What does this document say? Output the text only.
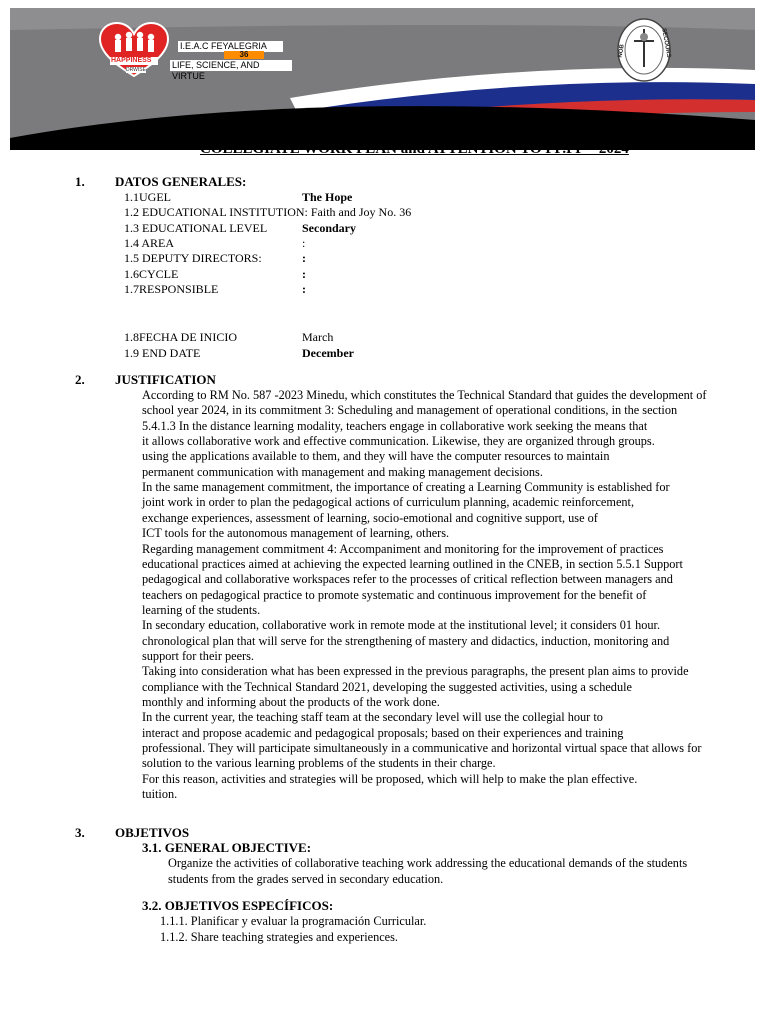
HAPPINESS
DRWISE
I.E.A.C FEYALEGRIA
36
LIFE, SCIENCE, AND VIRTUE
SECOURS
NOB
COLLEGIATE WORK PLAN and ATTENTION TO PP.FF – 2024
1. DATOS GENERALES:
1.1UGEL	The Hope
1.2 EDUCATIONAL INSTITUTION: Faith and Joy No. 36
1.3 EDUCATIONAL LEVEL	Secondary
1.4 AREA	:
1.5 DEPUTY DIRECTORS:	:
1.6CYCLE	:
1.7RESPONSIBLE	:
1.8FECHA DE INICIO	March
1.9 END DATE	December
2. JUSTIFICATION
According to RM No. 587 -2023 Minedu, which constitutes the Technical Standard that guides the development of
school year 2024, in its commitment 3: Scheduling and management of operational conditions, in the section
5.4.1.3 In the distance learning modality, teachers engage in collaborative work seeking the means that
it allows collaborative work and effective communication. Likewise, they are organized through groups.
using the applications available to them, and they will have the computer resources to maintain
permanent communication with management and making management decisions.
In the same management commitment, the importance of creating a Learning Community is established for
joint work in order to plan the pedagogical actions of curriculum planning, academic reinforcement,
exchange experiences, assessment of learning, socio-emotional and cognitive support, use of
ICT tools for the autonomous management of learning, others.
Regarding management commitment 4: Accompaniment and monitoring for the improvement of practices
educational practices aimed at achieving the expected learning outlined in the CNEB, in section 5.5.1 Support
pedagogical and collaborative workspaces refer to the processes of critical reflection between managers and
teachers on pedagogical practice to promote systematic and continuous improvement for the benefit of
learning of the students.
In secondary education, collaborative work in remote mode at the institutional level; it considers 01 hour.
chronological plan that will serve for the strengthening of mastery and didactics, induction, monitoring and
support for their peers.
Taking into consideration what has been expressed in the previous paragraphs, the present plan aims to provide
compliance with the Technical Standard 2021, developing the suggested activities, using a schedule
monthly and informing about the products of the work done.
In the current year, the teaching staff team at the secondary level will use the collegial hour to
interact and propose academic and pedagogical proposals; based on their experiences and training
professional. They will participate simultaneously in a communicative and horizontal virtual space that allows for
solution to the various learning problems of the students in their charge.
For this reason, activities and strategies will be proposed, which will help to make the plan effective.
tuition.
3. OBJETIVOS
3.1. GENERAL OBJECTIVE:
Organize the activities of collaborative teaching work addressing the educational demands of the students
students from the grades served in secondary education.
3.2. OBJETIVOS ESPECÍFICOS:
1.1.1. Planificar y evaluar la programación Curricular.
1.1.2. Share teaching strategies and experiences.
